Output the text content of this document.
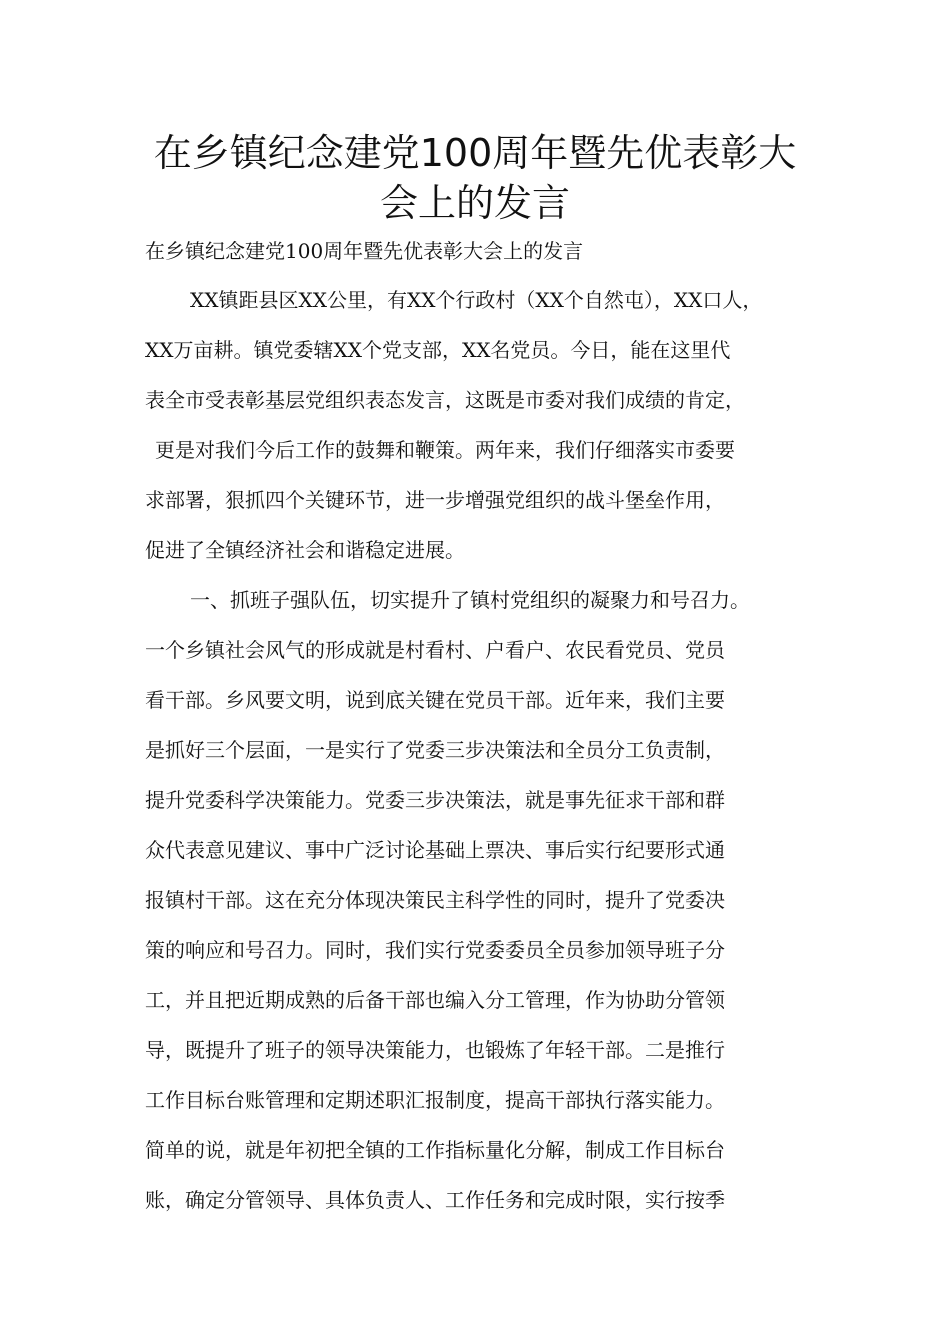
在乡镇纪念建党100周年暨先优表彰大
会上的发言

在乡镇纪念建党100周年暨先优表彰大会上的发言

XX镇距县区XX公里，有XX个行政村（XX个自然屯），XX口人，

XX万亩耕。镇党委辖XX个党支部，XX名党员。今日，能在这里代

表全市受表彰基层党组织表态发言，这既是市委对我们成绩的肯定，

更是对我们今后工作的鼓舞和鞭策。两年来，我们仔细落实市委要

求部署，狠抓四个关键环节，进一步增强党组织的战斗堡垒作用，

促进了全镇经济社会和谐稳定进展。

一、抓班子强队伍，切实提升了镇村党组织的凝聚力和号召力。

一个乡镇社会风气的形成就是村看村、户看户、农民看党员、党员

看干部。乡风要文明，说到底关键在党员干部。近年来，我们主要

是抓好三个层面，一是实行了党委三步决策法和全员分工负责制，

提升党委科学决策能力。党委三步决策法，就是事先征求干部和群

众代表意见建议、事中广泛讨论基础上票决、事后实行纪要形式通

报镇村干部。这在充分体现决策民主科学性的同时，提升了党委决

策的响应和号召力。同时，我们实行党委委员全员参加领导班子分

工，并且把近期成熟的后备干部也编入分工管理，作为协助分管领

导，既提升了班子的领导决策能力，也锻炼了年轻干部。二是推行

工作目标台账管理和定期述职汇报制度，提高干部执行落实能力。

简单的说，就是年初把全镇的工作指标量化分解，制成工作目标台

账，确定分管领导、具体负责人、工作任务和完成时限，实行按季
